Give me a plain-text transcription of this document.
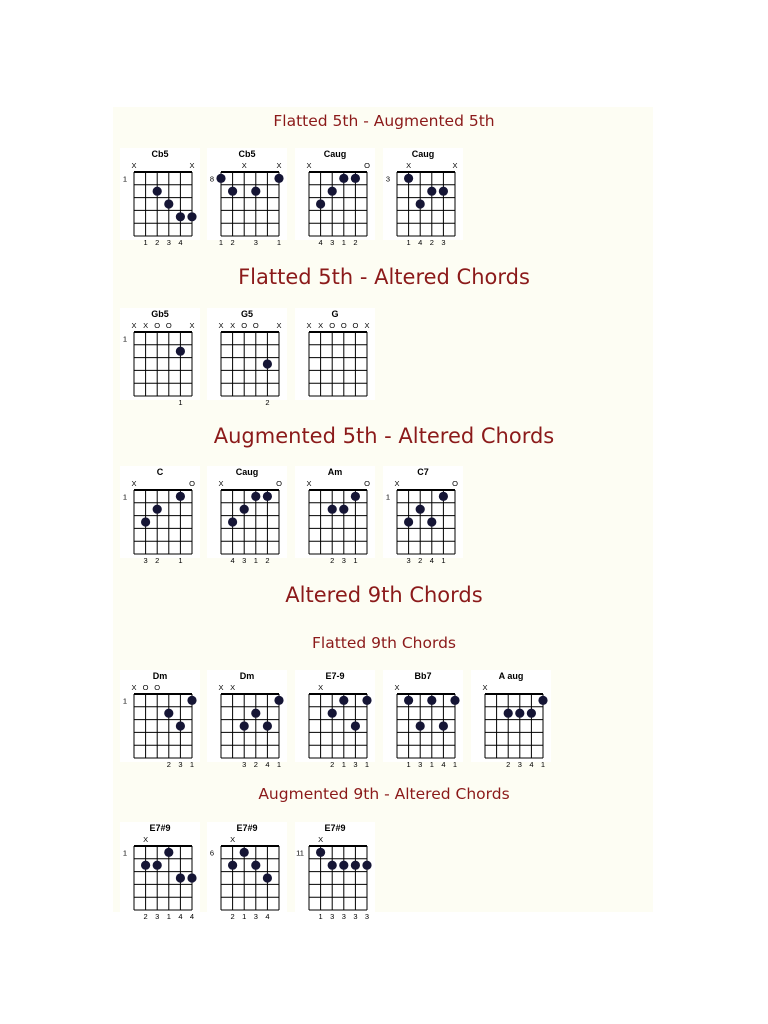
Flatted 5th - Augmented 5th
Flatted 5th - Altered Chords
Augmented 5th - Altered Chords
Altered 9th Chords
Flatted 9th Chords
Augmented 9th - Altered Chords
Cb5
X	X
1
1 2 3 4
Cb5
X	X
8
1 2	3	1
Caug
X	O
4 3 1 2
Caug
X	X
3
1 4 2 3
Gb5
X X O O X
1
1
G5
X X O O X
2
G
X X O O O X
C
X	O
1
3 2	1
Caug
X	O
4 3 1 2
Am
X	O
2 3 1
C7
X	O
1
3 2 4 1
Dm
X O O
1
2 3 1
Dm
X X
3 2 4 1
E7-9
X
2 1 3 1
Bb7
X
1 3 1 4 1
A aug
X
2 3 4 1
E7#9
X
1
2 3 1 4 4
E7#9
X
6
2 1 3 4
E7#9
X
11
1 3 3 3 3
